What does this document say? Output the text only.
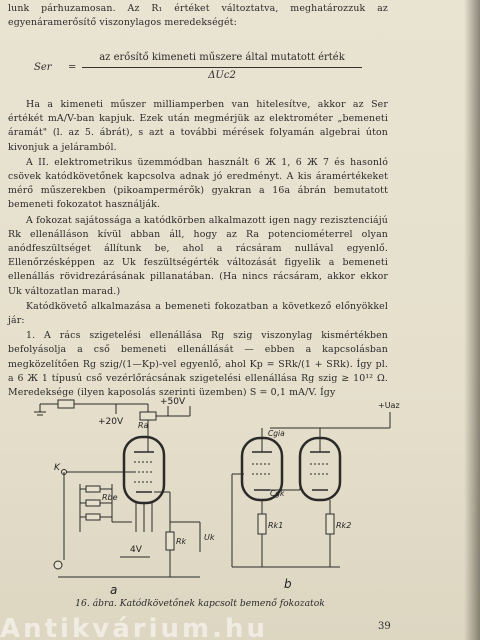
lunk párhuzamosan. Az R₁ értéket változtatva, meghatározzuk az egyenáramerősítő viszonylagos meredekségét:

Ser =
az erősítő kimeneti műszere által mutatott érték
ΔUc2

Ha a kimeneti műszer milliamperben van hitelesítve, akkor az Ser értékét mA/V-ban kapjuk. Ezek után megmérjük az elektrométer „bemeneti áramát" (l. az 5. ábrát), s azt a további mérések folyamán algebrai úton kivonjuk a jeláramból.

A II. elektrometrikus üzemmódban használt 6 Ж 1, 6 Ж 7 és hasonló csövek katódkövetőnek kapcsolva adnak jó eredményt. A kis áramértékeket mérő műszerekben (pikoampermérők) gyakran a 16a ábrán bemutatott bemeneti fokozatot használják.

A fokozat sajátossága a katódkörben alkalmazott igen nagy rezisztenciájú Rk ellenálláson kívül abban áll, hogy az Ra potenciométerrel olyan anódfeszültséget állítunk be, ahol a rácsáram nullával egyenlő. Ellenőrzésképpen az Uk feszültségérték változását figyelik a bemeneti ellenállás rövidrezárásának pillanatában. (Ha nincs rácsáram, akkor ekkor Uk változatlan marad.)

Katódkövető alkalmazása a bemeneti fokozatban a következő előnyökkel jár:

1. A rács szigetelési ellenállása Rg szig viszonylag kismértékben befolyásolja a cső bemeneti ellenállását — ebben a kapcsolásban megközelítően Rg szig/(1—Kp)-vel egyenlő, ahol Kp = SRk/(1 + SRk). Így pl. a 6 Ж 1 típusú cső vezérlőrácsának szigetelési ellenállása Rg szig ≥ 10¹² Ω. Meredeksége (ilyen kaposolás szerinti üzemben) S = 0,1 mA/V. Így

+20V
+50V
Ra
K
Rbe
4V
Rk Uk
a
+Uaz
Cgia
Cgk
Rk1	Rk2
b
16. ábra. Katódkövetőnek kapcsolt bemenő fokozatok
39
Antikvárium.hu
